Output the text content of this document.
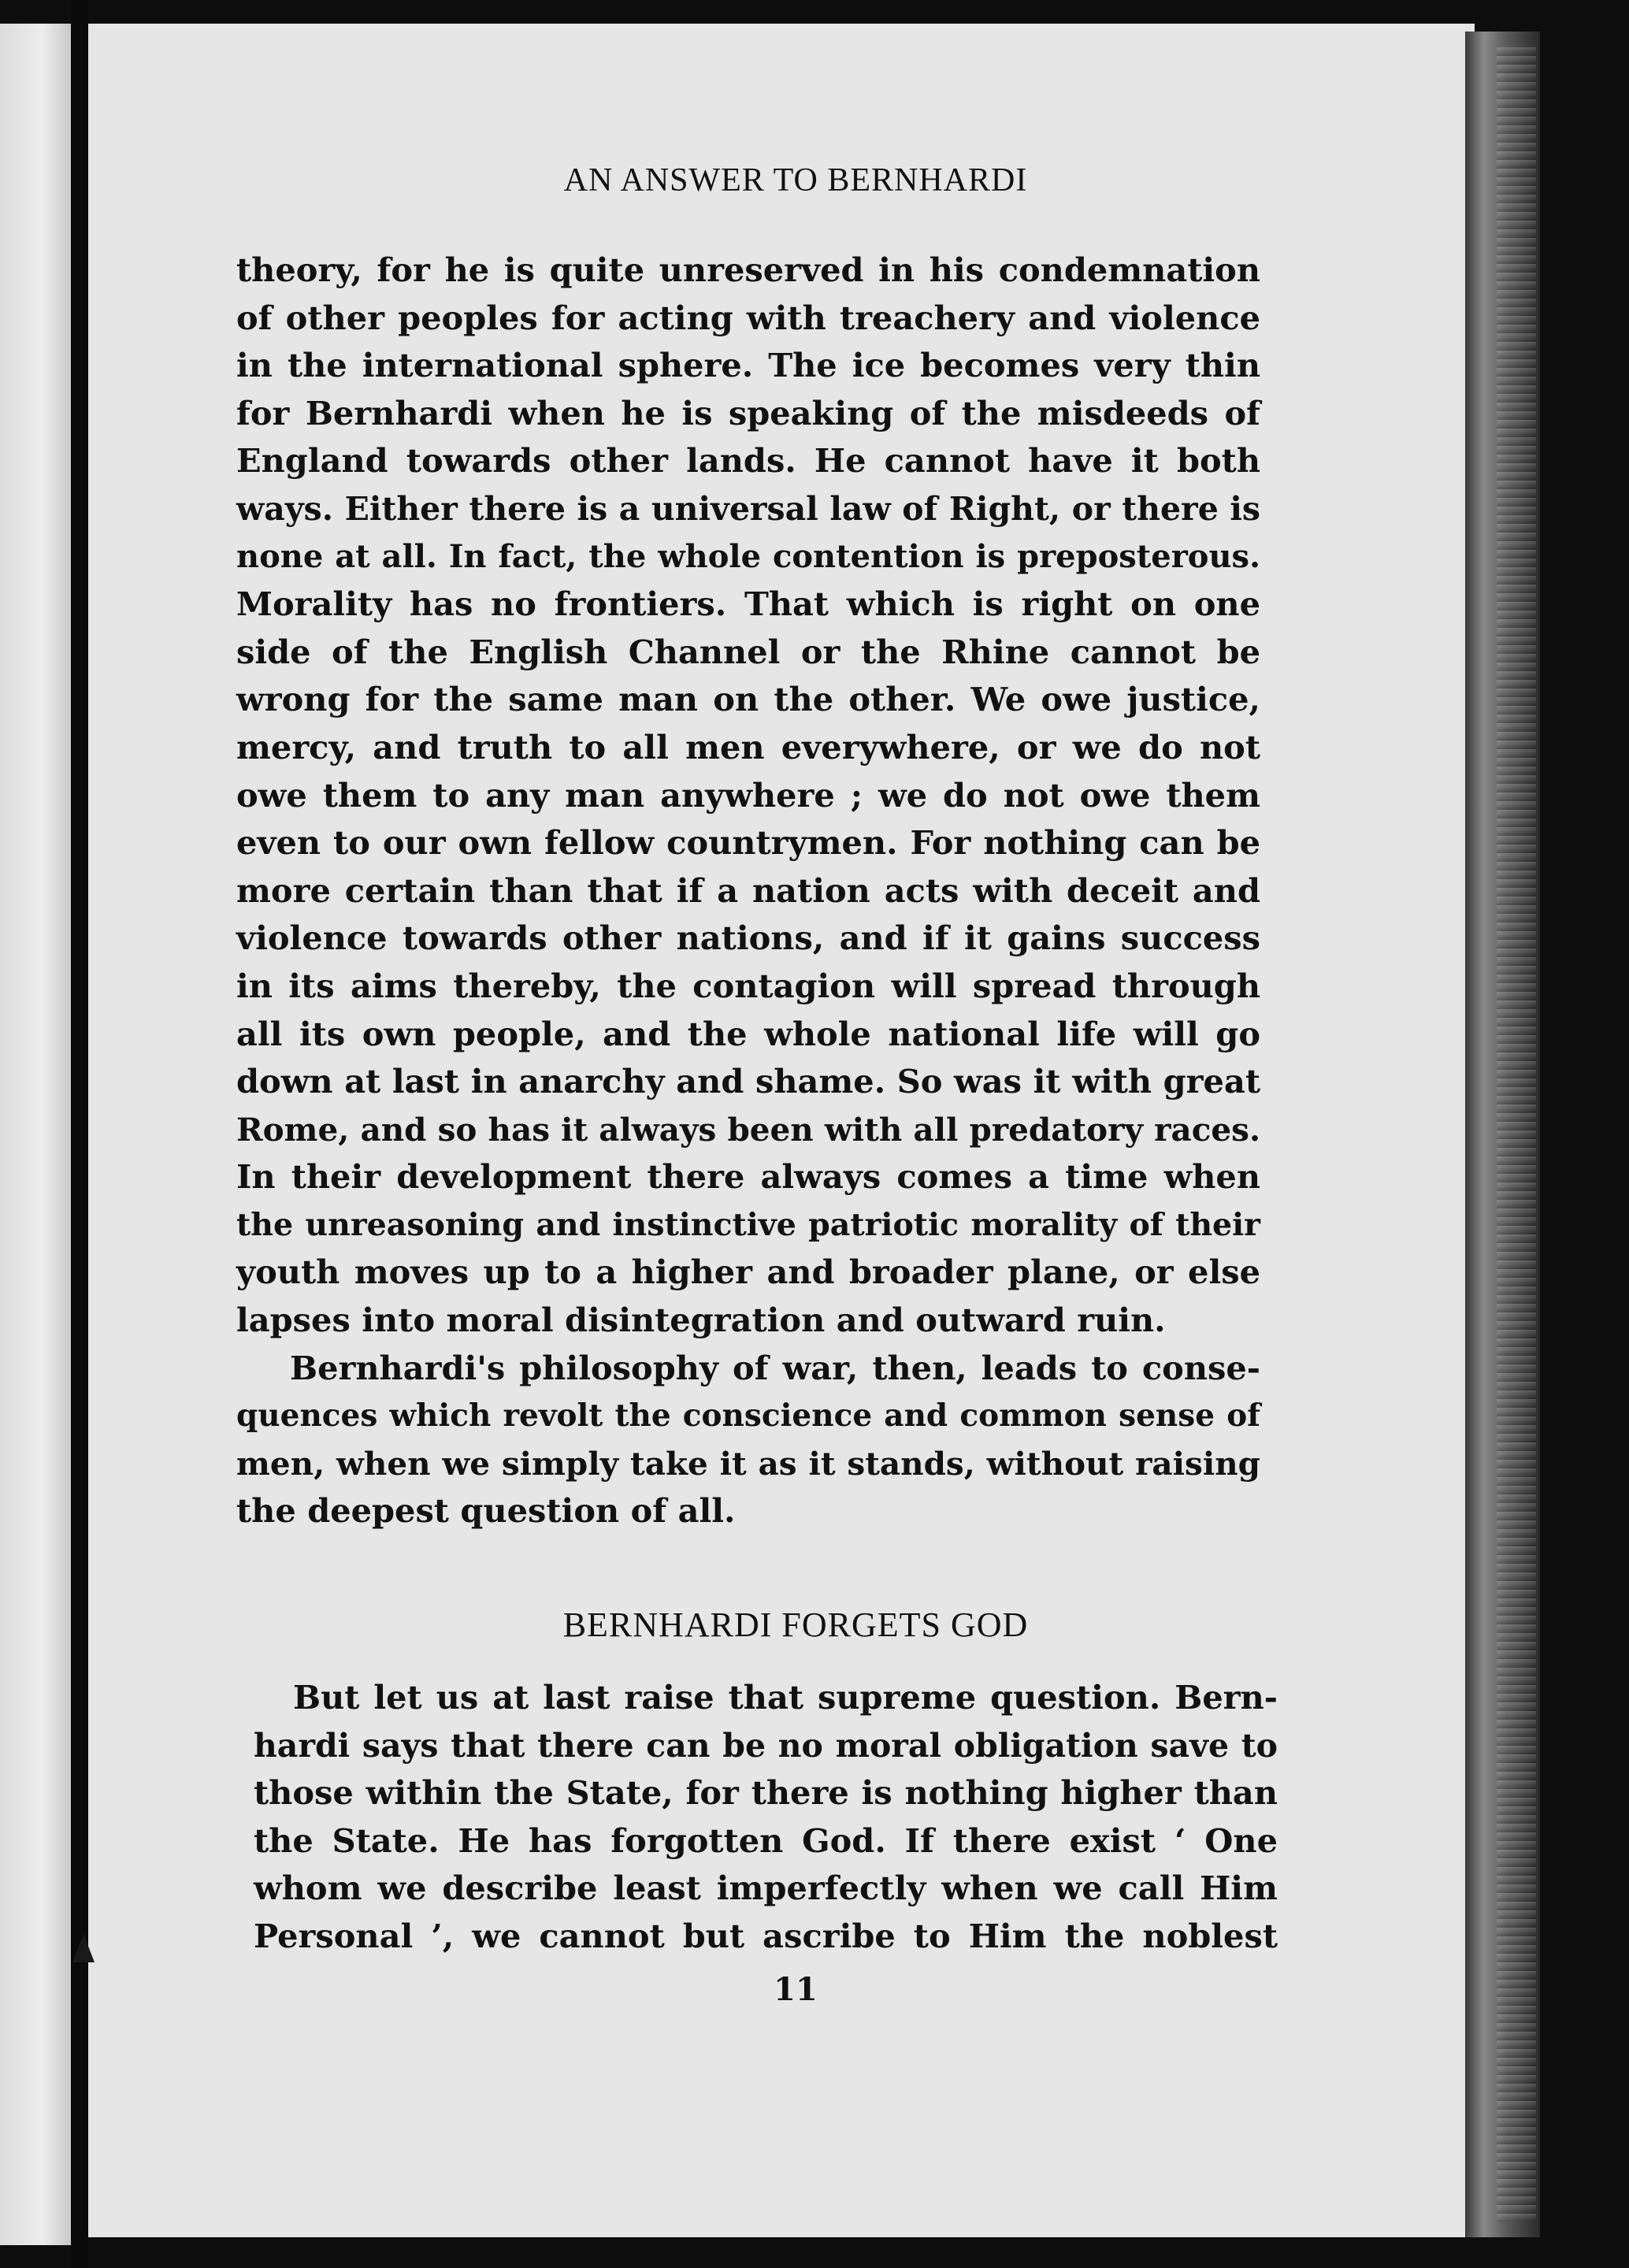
AN ANSWER TO BERNHARDI
theory, for he is quite unreserved in his condemnation
of other peoples for acting with treachery and violence
in the international sphere. The ice becomes very thin
for Bernhardi when he is speaking of the misdeeds of
England towards other lands. He cannot have it both
ways. Either there is a universal law of Right, or there is
none at all. In fact, the whole contention is preposterous.
Morality has no frontiers. That which is right on one
side of the English Channel or the Rhine cannot be
wrong for the same man on the other. We owe justice,
mercy, and truth to all men everywhere, or we do not
owe them to any man anywhere ; we do not owe them
even to our own fellow countrymen. For nothing can be
more certain than that if a nation acts with deceit and
violence towards other nations, and if it gains success
in its aims thereby, the contagion will spread through
all its own people, and the whole national life will go
down at last in anarchy and shame. So was it with great
Rome, and so has it always been with all predatory races.
In their development there always comes a time when
the unreasoning and instinctive patriotic morality of their
youth moves up to a higher and broader plane, or else
lapses into moral disintegration and outward ruin.
Bernhardi's philosophy of war, then, leads to conse-
quences which revolt the conscience and common sense of
men, when we simply take it as it stands, without raising
the deepest question of all.
BERNHARDI FORGETS GOD
But let us at last raise that supreme question. Bern-
hardi says that there can be no moral obligation save to
those within the State, for there is nothing higher than
the State. He has forgotten God. If there exist ‘ One
whom we describe least imperfectly when we call Him
Personal ’, we cannot but ascribe to Him the noblest
11
